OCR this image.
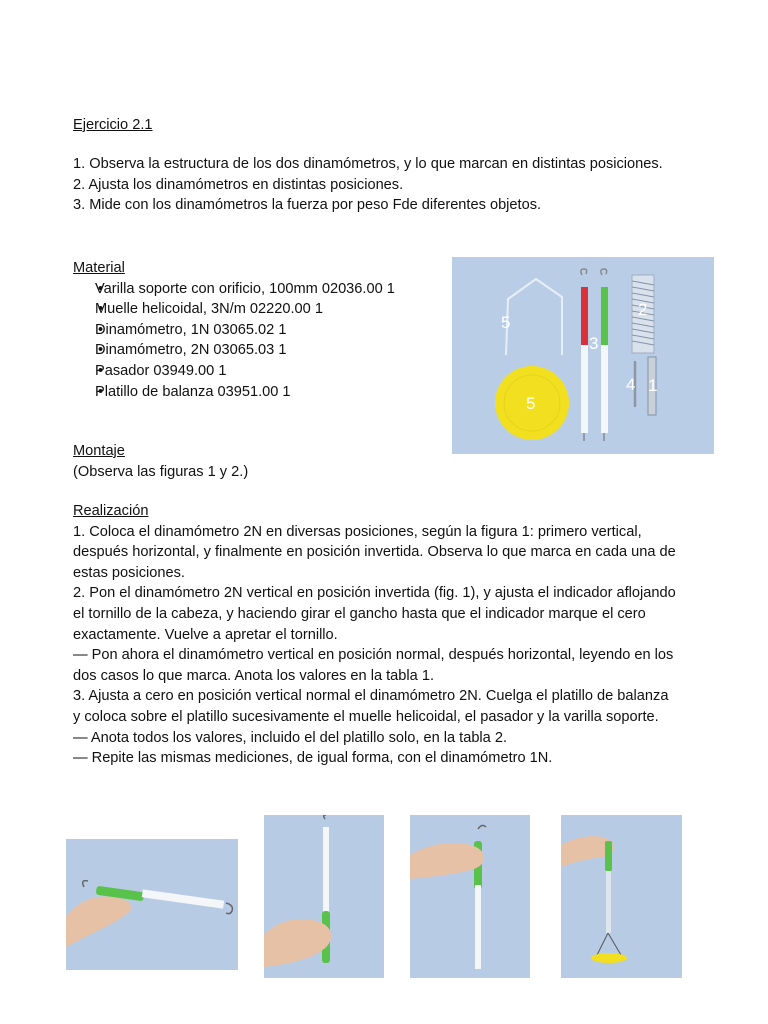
Ejercicio 2.1

1. Observa la estructura de los dos dinamómetros, y lo que marcan en distintas posiciones.

2. Ajusta los dinamómetros en distintas posiciones.

3. Mide con los dinamómetros la fuerza por peso Fde diferentes objetos.

Material

• Varilla soporte con orificio, 100mm 02036.00 1
• Muelle helicoidal, 3N/m 02220.00 1
• Dinamómetro, 1N 03065.02 1
• Dinamómetro, 2N 03065.03 1
• Pasador 03949.00 1
• Platillo de balanza 03951.00 1
5
3
2
4 1
5

Montaje

(Observa las figuras 1 y 2.)

Realización

1. Coloca el dinamómetro 2N en diversas posiciones, según la figura 1: primero vertical, después horizontal, y finalmente en posición invertida. Observa lo que marca en cada una de estas posiciones.

2. Pon el dinamómetro 2N vertical en posición invertida (fig. 1), y ajusta el indicador aflojando el tornillo de la cabeza, y haciendo girar el gancho hasta que el indicador marque el cero exactamente. Vuelve a apretar el tornillo.

— Pon ahora el dinamómetro vertical en posición normal, después horizontal, leyendo en los dos casos lo que marca. Anota los valores en la tabla 1.

3. Ajusta a cero en posición vertical normal el dinamómetro 2N. Cuelga el platillo de balanza y coloca sobre el platillo sucesivamente el muelle helicoidal, el pasador y la varilla soporte.

— Anota todos los valores, incluido el del platillo solo, en la tabla 2.

— Repite las mismas mediciones, de igual forma, con el dinamómetro 1N.
